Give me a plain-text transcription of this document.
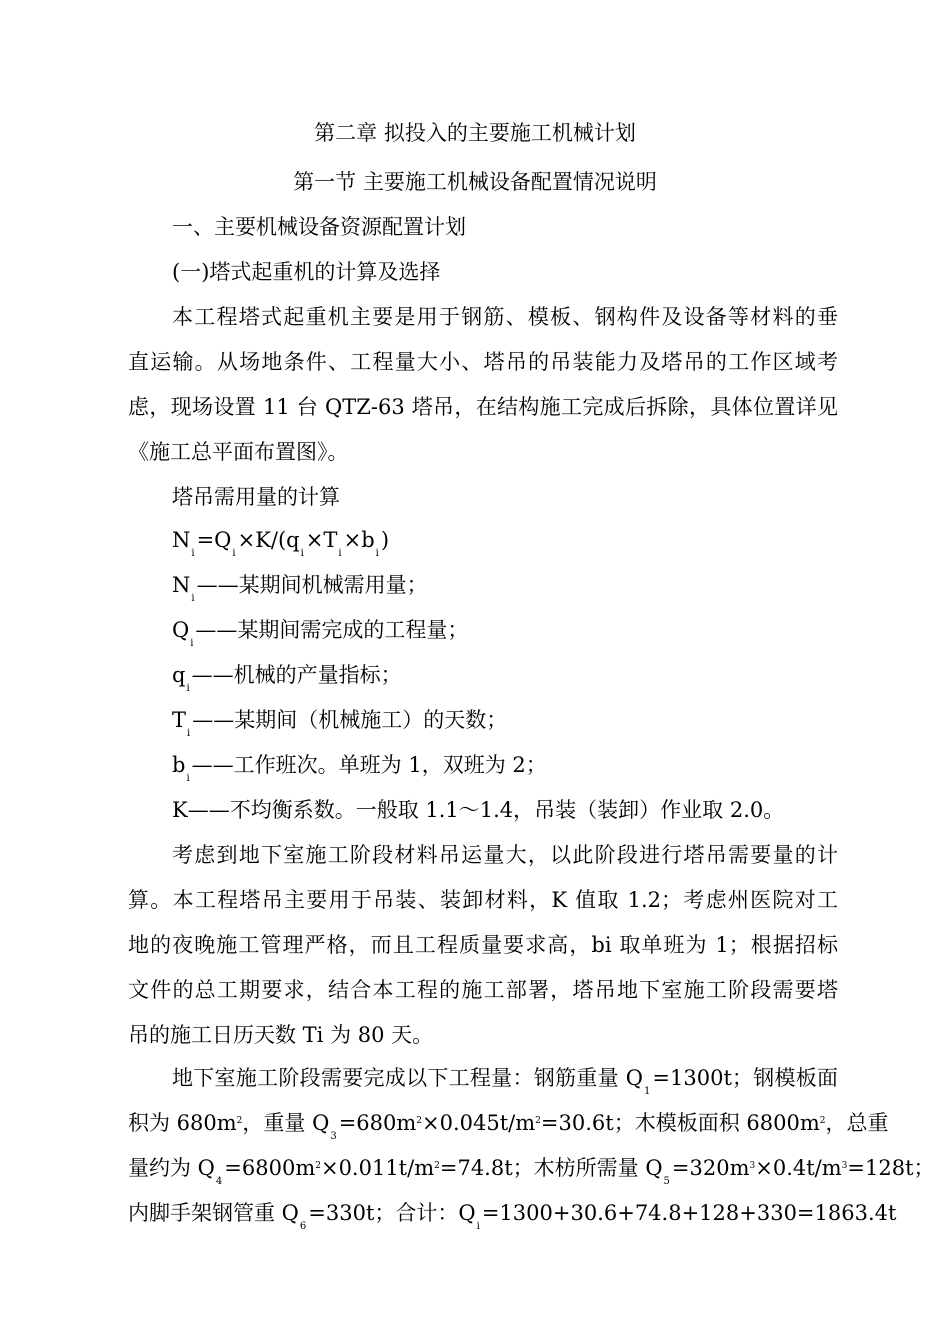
第二章 拟投入的主要施工机械计划
第一节 主要施工机械设备配置情况说明
一、主要机械设备资源配置计划
(一)塔式起重机的计算及选择
本工程塔式起重机主要是用于钢筋、模板、钢构件及设备等材料的垂
直运输。从场地条件、工程量大小、塔吊的吊装能力及塔吊的工作区域考
虑，现场设置 11 台 QTZ-63 塔吊，在结构施工完成后拆除，具体位置详见
《施工总平面布置图》。
塔吊需用量的计算
$N_i=Q_i\times K/(q_i\times T_i\times b_i)$
$N_i——$某期间机械需用量；
$Q_i——$某期间需完成的工程量；
$q_i——$机械的产量指标；
$T_i——$某期间（机械施工）的天数；
$b_i——$工作班次。单班为 1，双班为 2；
K——不均衡系数。一般取 1.1～1.4，吊装（装卸）作业取 2.0。
考虑到地下室施工阶段材料吊运量大，以此阶段进行塔吊需要量的计
算。本工程塔吊主要用于吊装、装卸材料，K 值取 1.2；考虑州医院对工
地的夜晚施工管理严格，而且工程质量要求高，bi 取单班为 1；根据招标
文件的总工期要求，结合本工程的施工部署，塔吊地下室施工阶段需要塔
吊的施工日历天数 Ti 为 80 天。
地下室施工阶段需要完成以下工程量：钢筋重量 $Q_1=1300t$；钢模板面
积为 $680m^2$，重量 $Q_3=680m^2\times 0.045t/m^2=30.6t$；木模板面积 $6800m^2$，总重
量约为 $Q_4=6800m^2\times 0.011t/m^2=74.8t$；木枋所需量 $Q_5=320m^3\times 0.4t/m^3=128t$；
内脚手架钢管重 $Q_6=330t$；合计：$Q_i=1300+30.6+74.8+128+330=1863.4t$
